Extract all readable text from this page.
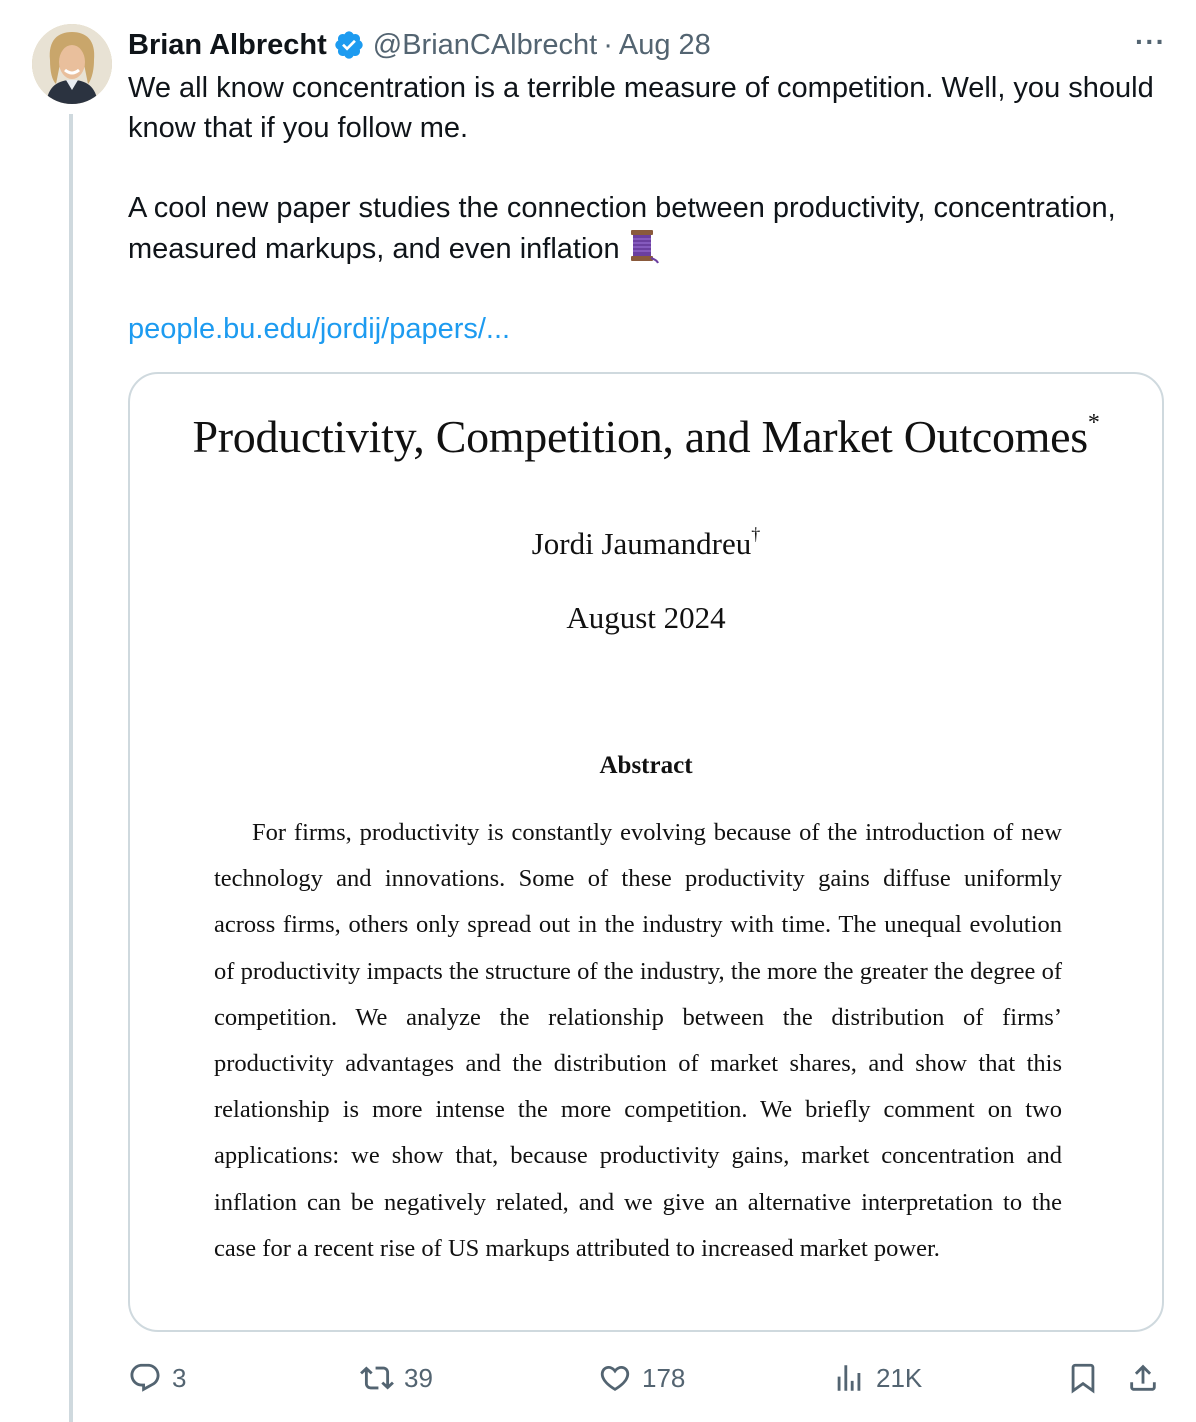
Brian Albrecht @BrianCAlbrecht · Aug 28	···

We all know concentration is a terrible measure of competition. Well, you should know that if you follow me.

A cool new paper studies the connection between productivity, concentration, measured markups, and even inflation

people.bu.edu/jordij/papers/...

Productivity, Competition, and Market Outcomes*
Jordi Jaumandreu†
August 2024
Abstract
For firms, productivity is constantly evolving because of the introduction of new technology and innovations. Some of these productivity gains diffuse uniformly across firms, others only spread out in the industry with time. The unequal evolution of productivity impacts the structure of the industry, the more the greater the degree of competition. We analyze the relationship between the distribution of firms’ productivity advantages and the distribution of market shares, and show that this relationship is more intense the more competition. We briefly comment on two applications: we show that, because productivity gains, market concentration and inflation can be negatively related, and we give an alternative interpretation to the case for a recent rise of US markups attributed to increased market power.
3	39	178	21K
